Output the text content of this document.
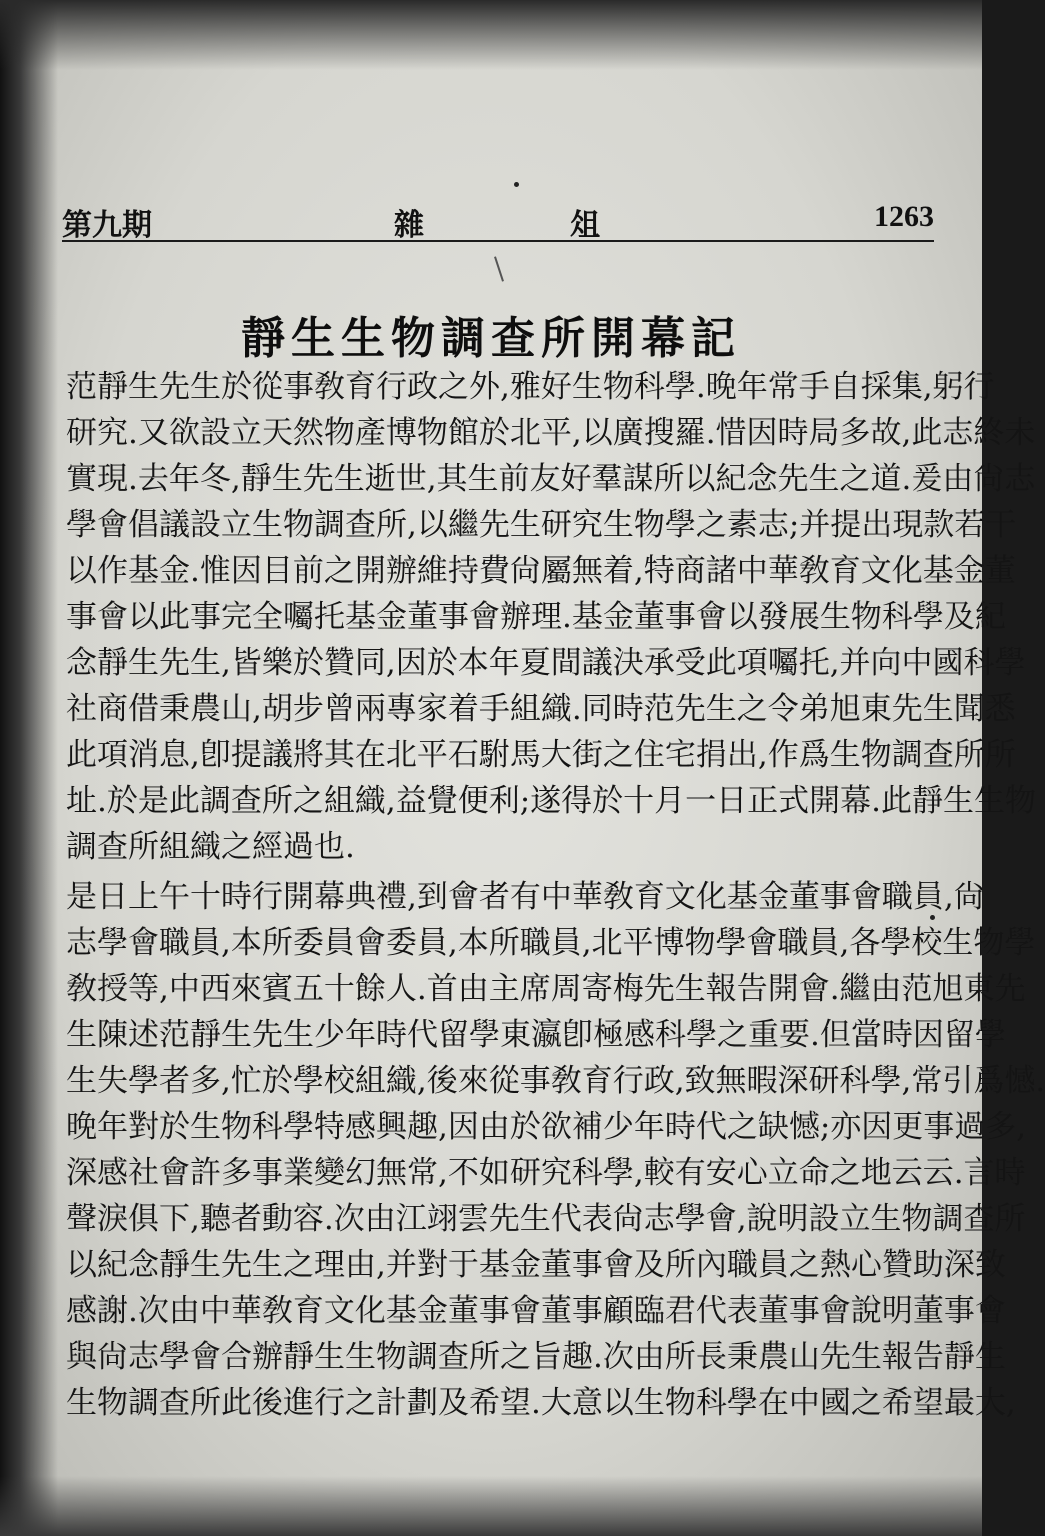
第九期	雜	俎	1263
靜生生物調查所開幕記
范靜生先生於從事敎育行政之外,雅好生物科學.晚年常手自採集,躬行
研究.又欲設立天然物產博物館於北平,以廣搜羅.惜因時局多故,此志終未
實現.去年冬,靜生先生逝世,其生前友好羣謀所以紀念先生之道.爰由尙志
學會倡議設立生物調查所,以繼先生研究生物學之素志;并提出現款若干
以作基金.惟因目前之開辦維持費尙屬無着,特商諸中華敎育文化基金董
事會以此事完全囑托基金董事會辦理.基金董事會以發展生物科學及紀
念靜生先生,皆樂於贊同,因於本年夏間議決承受此項囑托,并向中國科學
社商借秉農山,胡步曾兩專家着手組織.同時范先生之令弟旭東先生聞悉
此項消息,卽提議將其在北平石駙馬大街之住宅捐出,作爲生物調查所所
址.於是此調查所之組織,益覺便利;遂得於十月一日正式開幕.此靜生生物
調查所組織之經過也.
是日上午十時行開幕典禮,到會者有中華敎育文化基金董事會職員,尙
志學會職員,本所委員會委員,本所職員,北平博物學會職員,各學校生物學
敎授等,中西來賓五十餘人.首由主席周寄梅先生報告開會.繼由范旭東先
生陳述范靜生先生少年時代留學東瀛卽極感科學之重要.但當時因留學
生失學者多,忙於學校組織,後來從事敎育行政,致無暇深研科學,常引爲憾.
晚年對於生物科學特感興趣,因由於欲補少年時代之缺憾;亦因更事過多,
深感社會許多事業變幻無常,不如研究科學,較有安心立命之地云云.言時
聲淚俱下,聽者動容.次由江翊雲先生代表尙志學會,說明設立生物調查所
以紀念靜生先生之理由,并對于基金董事會及所內職員之熱心贊助深致
感謝.次由中華敎育文化基金董事會董事顧臨君代表董事會說明董事會
與尙志學會合辦靜生生物調查所之旨趣.次由所長秉農山先生報告靜生
生物調查所此後進行之計劃及希望.大意以生物科學在中國之希望最大,
